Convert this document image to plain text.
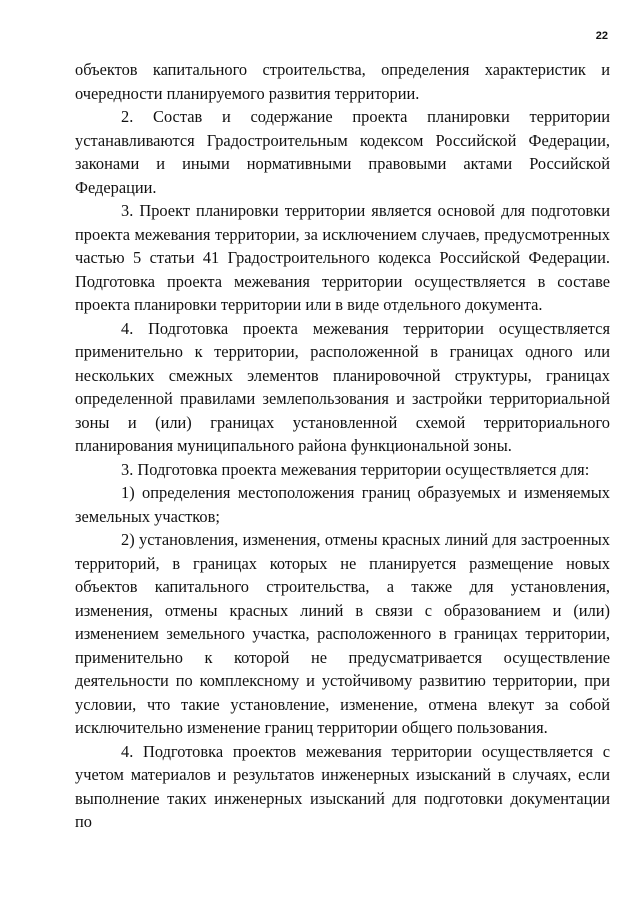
22

объектов капитального строительства, определения характеристик и очередности планируемого развития территории.

2. Состав и содержание проекта планировки территории устанавливаются Градостроительным кодексом Российской Федерации, законами и иными нормативными правовыми актами Российской Федерации.

3. Проект планировки территории является основой для подготовки проекта межевания территории, за исключением случаев, предусмотренных частью 5 статьи 41 Градостроительного кодекса Российской Федерации. Подготовка проекта межевания территории осуществляется в составе проекта планировки территории или в виде отдельного документа.

4. Подготовка проекта межевания территории осуществляется применительно к территории, расположенной в границах одного или нескольких смежных элементов планировочной структуры, границах определенной правилами землепользования и застройки территориальной зоны и (или) границах установленной схемой территориального планирования муниципального района функциональной зоны.

3. Подготовка проекта межевания территории осуществляется для:

1) определения местоположения границ образуемых и изменяемых земельных участков;

2) установления, изменения, отмены красных линий для застроенных территорий, в границах которых не планируется размещение новых объектов капитального строительства, а также для установления, изменения, отмены красных линий в связи с образованием и (или) изменением земельного участка, расположенного в границах территории, применительно к которой не предусматривается осуществление деятельности по комплексному и устойчивому развитию территории, при условии, что такие установление, изменение, отмена влекут за собой исключительно изменение границ территории общего пользования.

4. Подготовка проектов межевания территории осуществляется с учетом материалов и результатов инженерных изысканий в случаях, если выполнение таких инженерных изысканий для подготовки документации по
